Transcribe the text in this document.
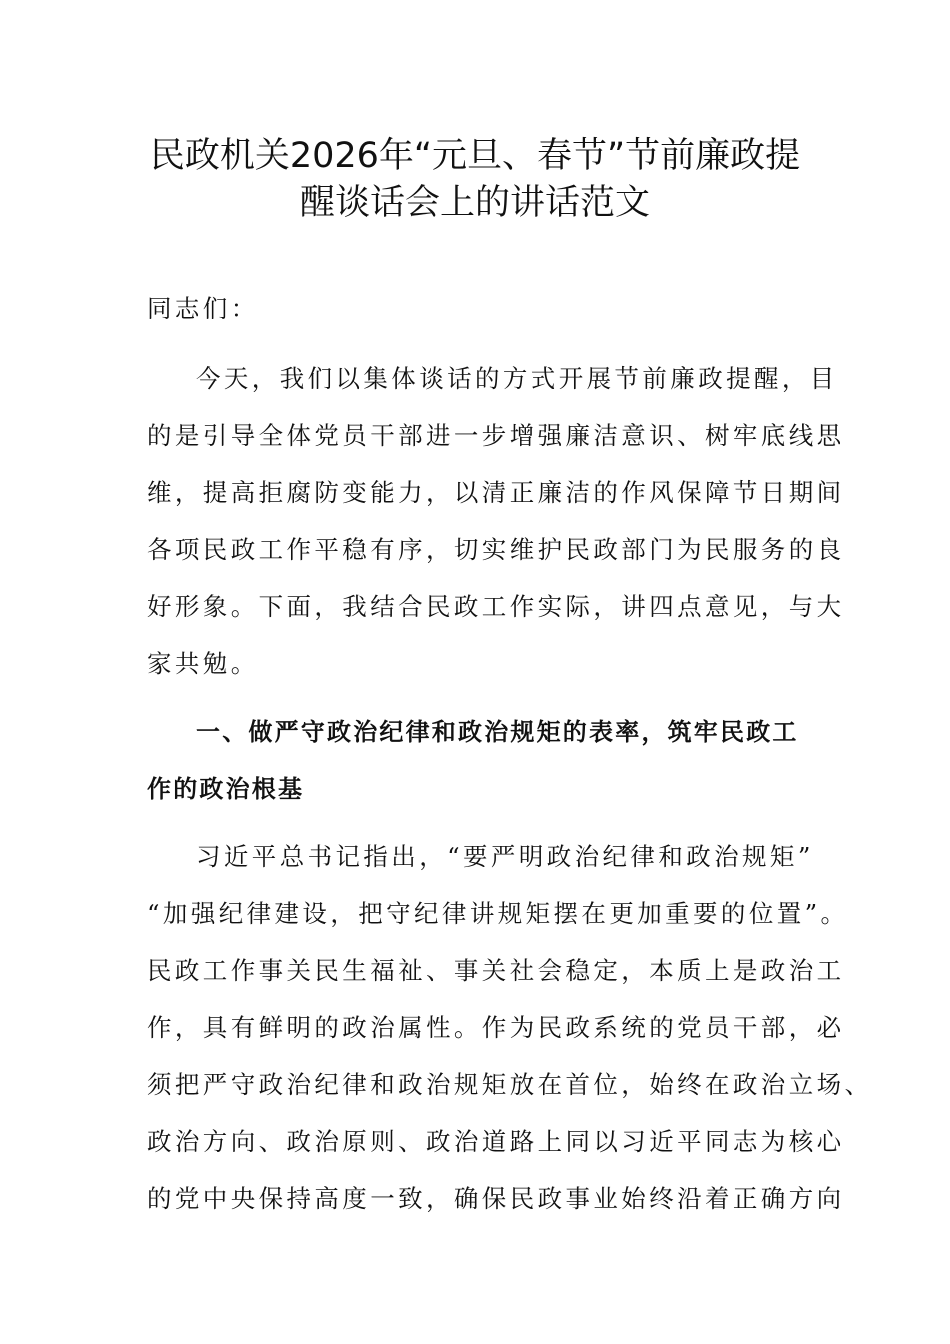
民政机关2026年“元旦、春节”节前廉政提
醒谈话会上的讲话范文
同志们：
今天，我们以集体谈话的方式开展节前廉政提醒，目
的是引导全体党员干部进一步增强廉洁意识、树牢底线思
维，提高拒腐防变能力，以清正廉洁的作风保障节日期间
各项民政工作平稳有序，切实维护民政部门为民服务的良
好形象。下面，我结合民政工作实际，讲四点意见，与大
家共勉。
一、做严守政治纪律和政治规矩的表率，筑牢民政工
作的政治根基
习近平总书记指出，“要严明政治纪律和政治规矩”
“加强纪律建设，把守纪律讲规矩摆在更加重要的位置”。
民政工作事关民生福祉、事关社会稳定，本质上是政治工
作，具有鲜明的政治属性。作为民政系统的党员干部，必
须把严守政治纪律和政治规矩放在首位，始终在政治立场、
政治方向、政治原则、政治道路上同以习近平同志为核心
的党中央保持高度一致，确保民政事业始终沿着正确方向
